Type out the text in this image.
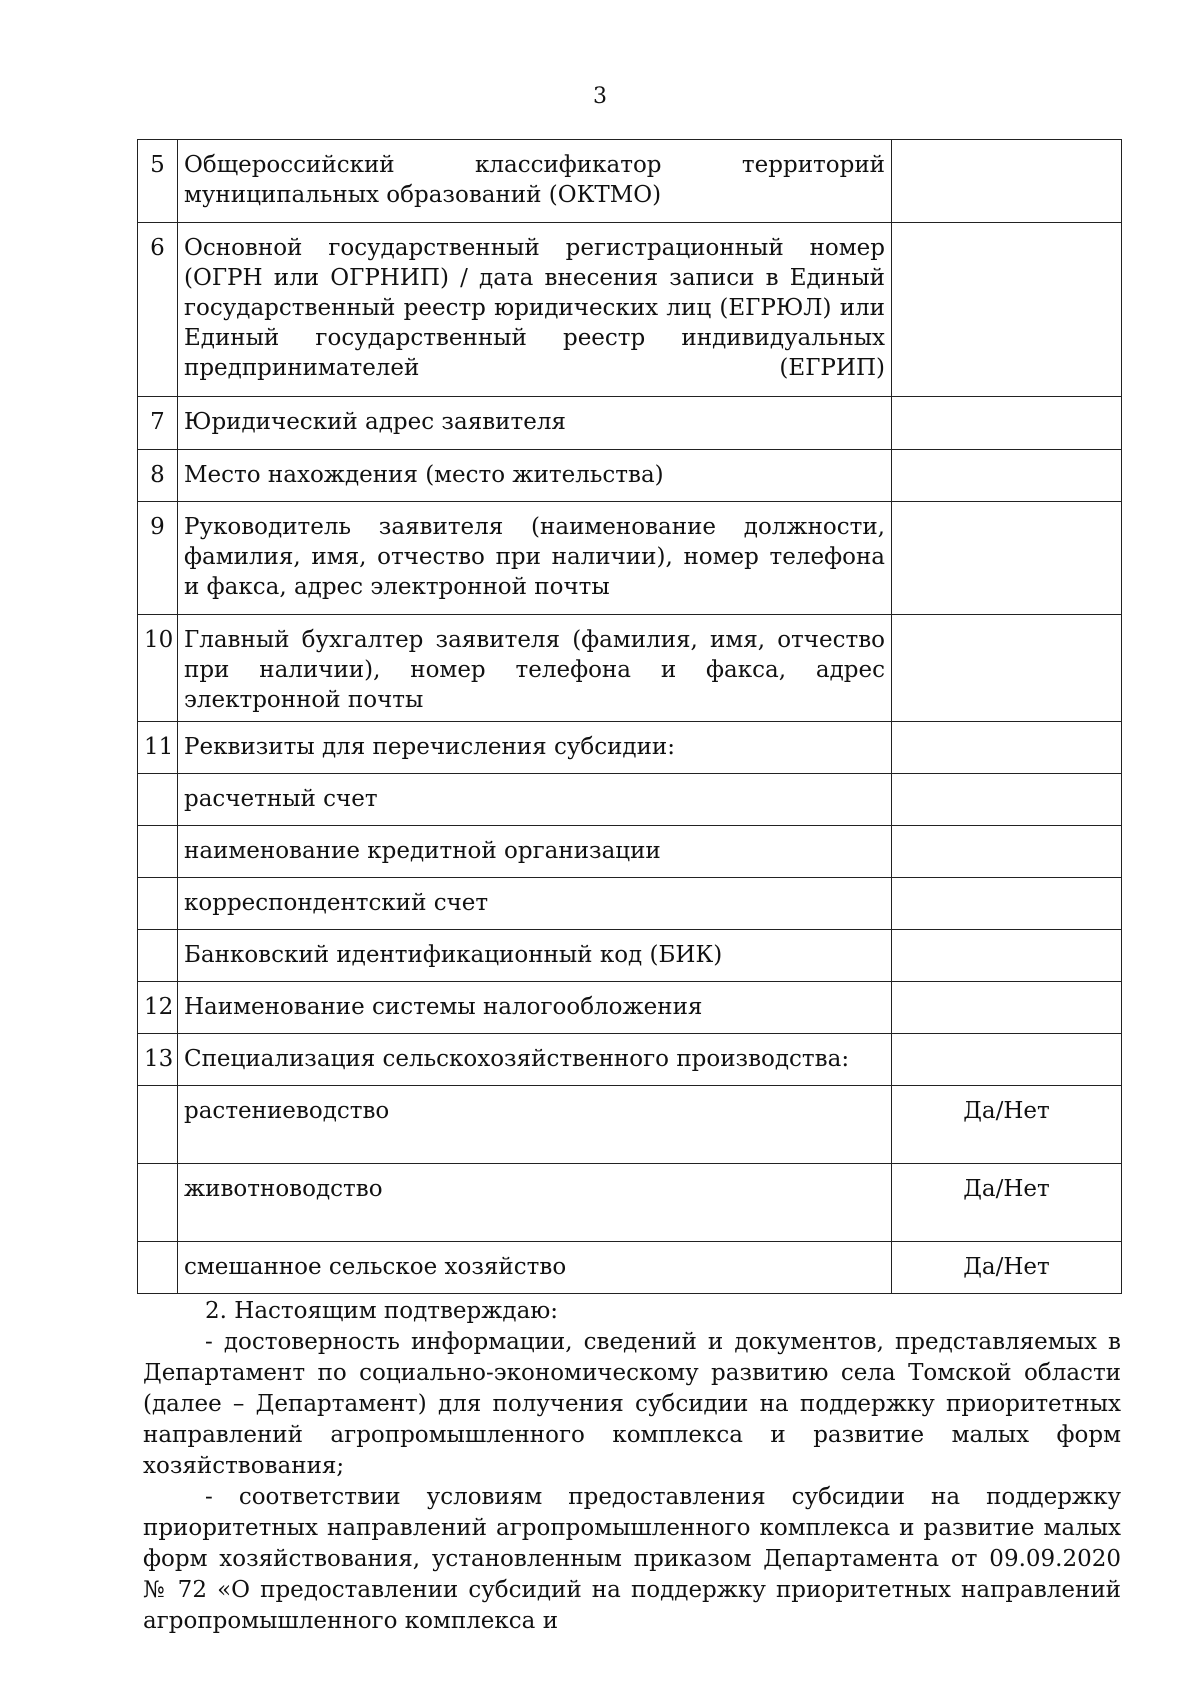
3
5	Общероссийский классификатор территорий муниципальных образований (ОКТМО)	
6	Основной государственный регистрационный номер (ОГРН или ОГРНИП) / дата внесения записи в Единый государственный реестр юридических лиц (ЕГРЮЛ) или Единый государственный реестр индивидуальных предпринимателей (ЕГРИП)	
7	Юридический адрес заявителя	
8	Место нахождения (место жительства)	
9	Руководитель заявителя (наименование должности, фамилия, имя, отчество при наличии), номер телефона и факса, адрес электронной почты	
10	Главный бухгалтер заявителя (фамилия, имя, отчество при наличии), номер телефона и факса, адрес электронной почты	
11	Реквизиты для перечисления субсидии:	
	расчетный счет	
	наименование кредитной организации	
	корреспондентский счет	
	Банковский идентификационный код (БИК)	
12	Наименование системы налогообложения	
13	Специализация сельскохозяйственного производства:	
	растениеводство	Да/Нет
	животноводство	Да/Нет
	смешанное сельское хозяйство	Да/Нет

2. Настоящим подтверждаю:

- достоверность информации, сведений и документов, представляемых в Департамент по социально-экономическому развитию села Томской области (далее – Департамент) для получения субсидии на поддержку приоритетных направлений агропромышленного комплекса и развитие малых форм хозяйствования;

- соответствии условиям предоставления субсидии на поддержку приоритетных направлений агропромышленного комплекса и развитие малых форм хозяйствования, установленным приказом Департамента от 09.09.2020 № 72 «О предоставлении субсидий на поддержку приоритетных направлений агропромышленного комплекса и
